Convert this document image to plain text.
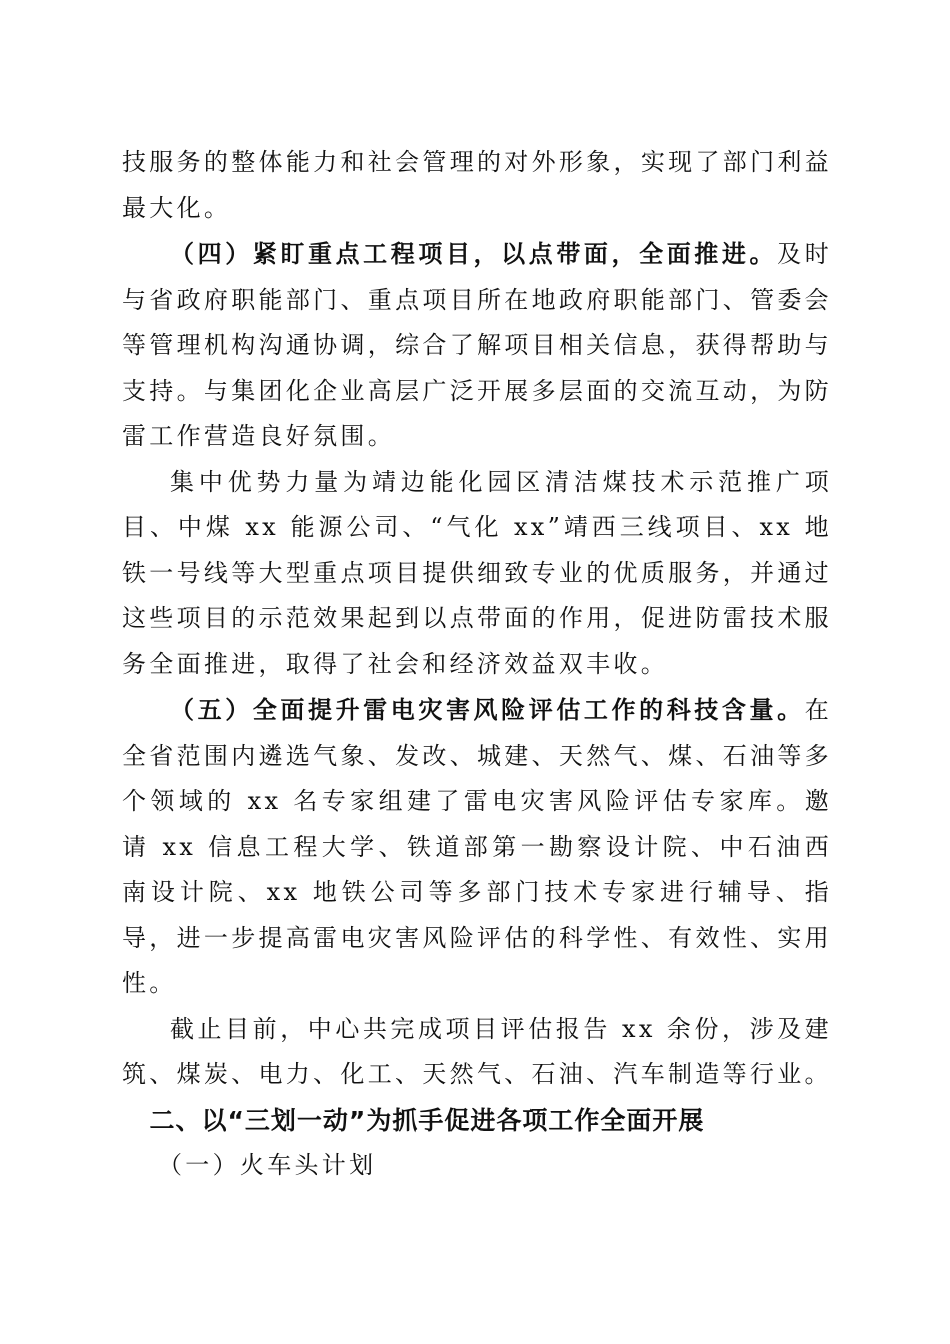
技服务的整体能力和社会管理的对外形象，实现了部门利益最大化。

（四）紧盯重点工程项目，以点带面，全面推进。及时与省政府职能部门、重点项目所在地政府职能部门、管委会等管理机构沟通协调，综合了解项目相关信息，获得帮助与支持。与集团化企业高层广泛开展多层面的交流互动，为防雷工作营造良好氛围。

集中优势力量为靖边能化园区清洁煤技术示范推广项目、中煤 xx 能源公司、“气化 xx”靖西三线项目、xx 地铁一号线等大型重点项目提供细致专业的优质服务，并通过这些项目的示范效果起到以点带面的作用，促进防雷技术服务全面推进，取得了社会和经济效益双丰收。

（五）全面提升雷电灾害风险评估工作的科技含量。在全省范围内遴选气象、发改、城建、天然气、煤、石油等多个领域的 xx 名专家组建了雷电灾害风险评估专家库。邀请 xx 信息工程大学、铁道部第一勘察设计院、中石油西南设计院、xx 地铁公司等多部门技术专家进行辅导、指导，进一步提高雷电灾害风险评估的科学性、有效性、实用性。

截止目前，中心共完成项目评估报告 xx 余份，涉及建筑、煤炭、电力、化工、天然气、石油、汽车制造等行业。

二、以“三划一动”为抓手促进各项工作全面开展

（一）火车头计划
